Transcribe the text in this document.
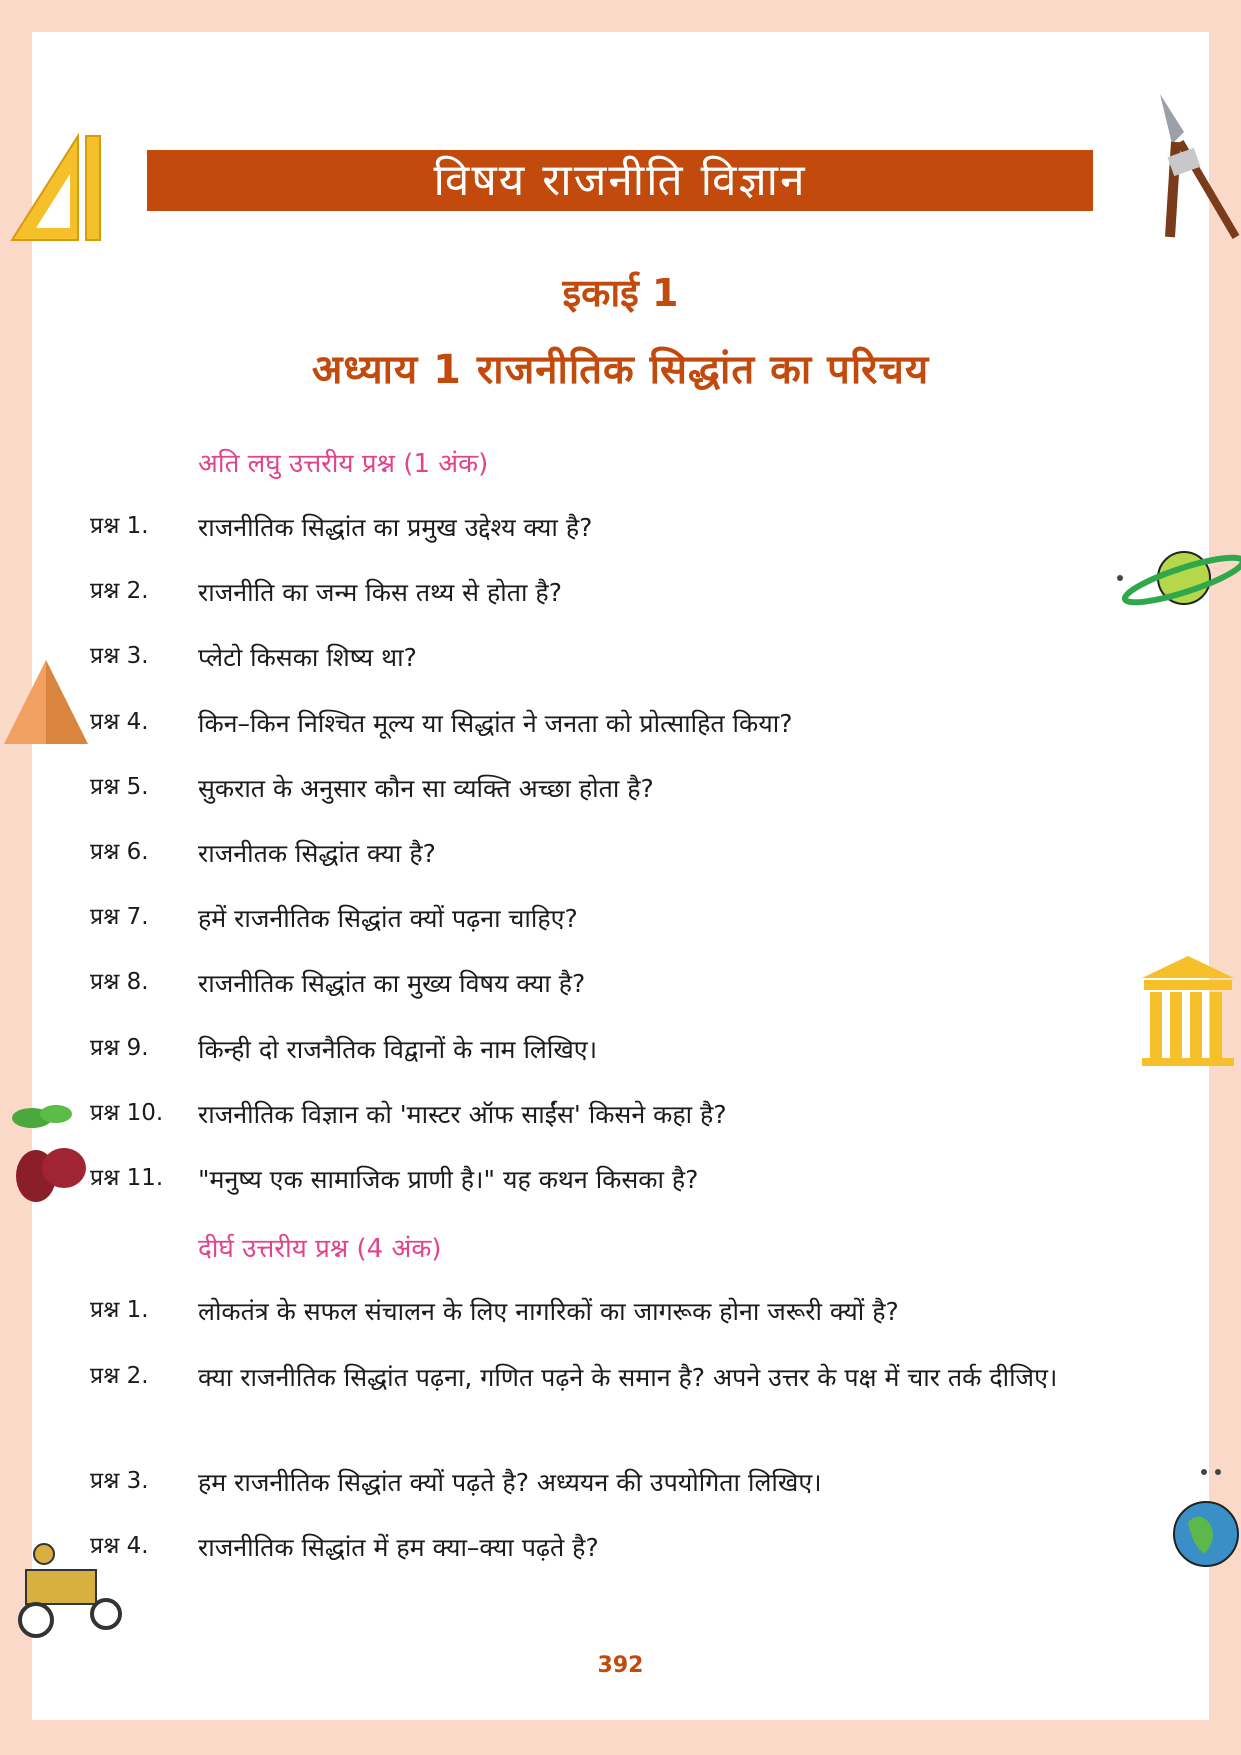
विषय राजनीति विज्ञान
इकाई 1
अध्याय 1 राजनीतिक सिद्धांत का परिचय
अति लघु उत्तरीय प्रश्न (1 अंक)
प्रश्न 1. राजनीतिक सिद्धांत का प्रमुख उद्देश्य क्या है?
प्रश्न 2. राजनीति का जन्म किस तथ्य से होता है?
प्रश्न 3. प्लेटो किसका शिष्य था?
प्रश्न 4. किन–किन निश्चित मूल्य या सिद्धांत ने जनता को प्रोत्साहित किया?
प्रश्न 5. सुकरात के अनुसार कौन सा व्यक्ति अच्छा होता है?
प्रश्न 6. राजनीतक सिद्धांत क्या है?
प्रश्न 7. हमें राजनीतिक सिद्धांत क्यों पढ़ना चाहिए?
प्रश्न 8. राजनीतिक सिद्धांत का मुख्य विषय क्या है?
प्रश्न 9. किन्ही दो राजनैतिक विद्वानों के नाम लिखिए।
प्रश्न 10. राजनीतिक विज्ञान को 'मास्टर ऑफ साईंस' किसने कहा है?
प्रश्न 11. "मनुष्य एक सामाजिक प्राणी है।" यह कथन किसका है?
दीर्घ उत्तरीय प्रश्न (4 अंक)
प्रश्न 1. लोकतंत्र के सफल संचालन के लिए नागरिकों का जागरूक होना जरूरी क्यों है?
प्रश्न 2. क्या राजनीतिक सिद्धांत पढ़ना, गणित पढ़ने के समान है? अपने उत्तर के पक्ष में चार तर्क दीजिए।
प्रश्न 3. हम राजनीतिक सिद्धांत क्यों पढ़ते है? अध्ययन की उपयोगिता लिखिए।
प्रश्न 4. राजनीतिक सिद्धांत में हम क्या–क्या पढ़ते है?
392
